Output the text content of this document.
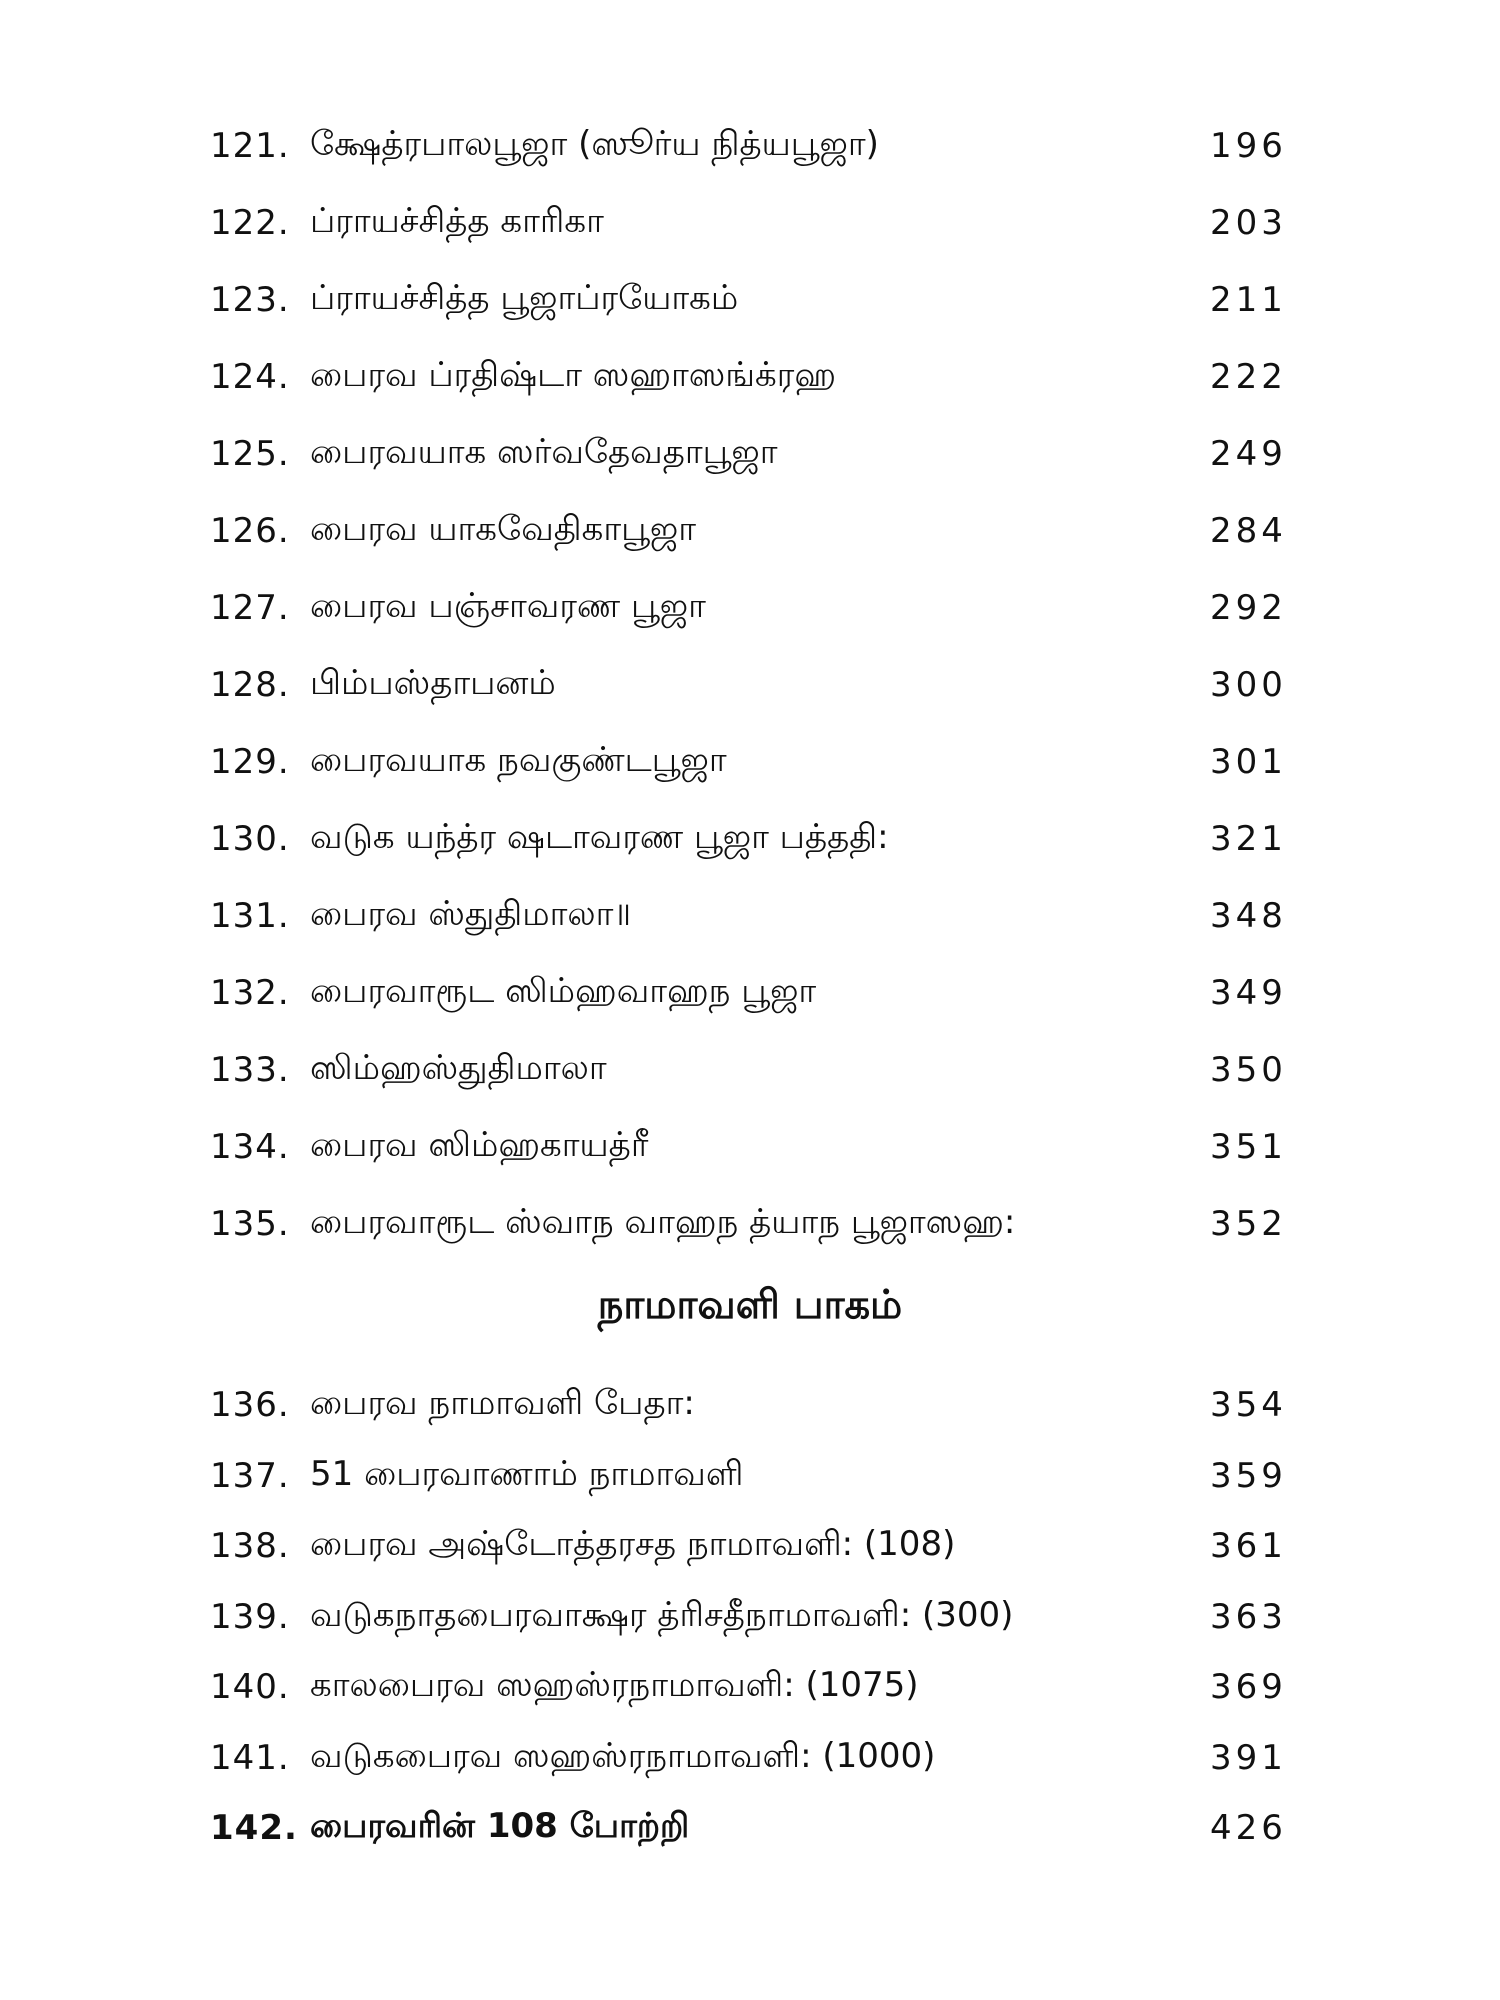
121. க்ஷேத்ரபாலபூஜா (ஸூர்ய நித்யபூஜா)	196
122. ப்ராயச்சித்த காரிகா	203
123. ப்ராயச்சித்த பூஜாப்ரயோகம்	211
124. பைரவ ப்ரதிஷ்டா ஸஹாஸங்க்ரஹ	222
125. பைரவயாக ஸர்வதேவதாபூஜா	249
126. பைரவ யாகவேதிகாபூஜா	284
127. பைரவ பஞ்சாவரண பூஜா	292
128. பிம்பஸ்தாபனம்	300
129. பைரவயாக நவகுண்டபூஜா	301
130. வடுக யந்த்ர ஷடாவரண பூஜா பத்ததி:	321
131. பைரவ ஸ்துதிமாலா॥	348
132. பைரவாரூட ஸிம்ஹவாஹந பூஜா	349
133. ஸிம்ஹஸ்துதிமாலா	350
134. பைரவ ஸிம்ஹகாயத்ரீ	351
135. பைரவாரூட ஸ்வாந வாஹந த்யாந பூஜாஸஹ:	352
நாமாவளி பாகம்
136. பைரவ நாமாவளி பேதா:	354
137. 51 பைரவாணாம் நாமாவளி	359
138. பைரவ அஷ்டோத்தரசத நாமாவளி: (108)	361
139. வடுகநாதபைரவாக்ஷர த்ரிசதீநாமாவளி: (300)	363
140. காலபைரவ ஸஹஸ்ரநாமாவளி: (1075)	369
141. வடுகபைரவ ஸஹஸ்ரநாமாவளி: (1000)	391
142. பைரவரின் 108 போற்றி	426
